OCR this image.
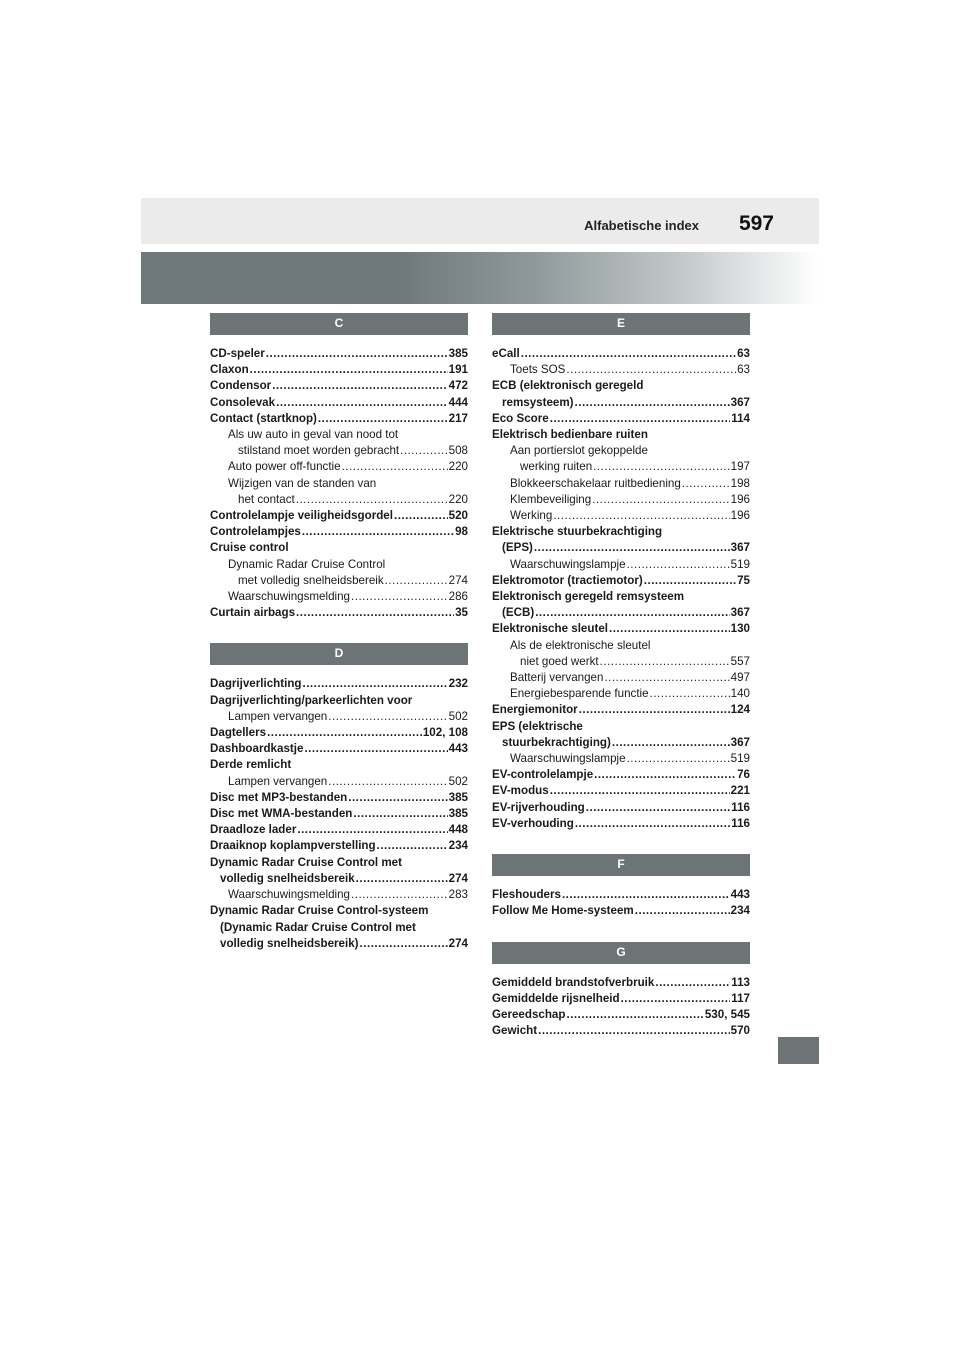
Alfabetische index 597
C
CD-speler .....	385
Claxon .....	191
Condensor .....	472
Consolevak .....	444
Contact (startknop) .....	217
Als uw auto in geval van nood tot
stilstand moet worden gebracht .....	508
Auto power off-functie .....	220
Wijzigen van de standen van
het contact .....	220
Controlelampje veiligheidsgordel .....	520
Controlelampjes .....	98
Cruise control
Dynamic Radar Cruise Control
met volledig snelheidsbereik .....	274
Waarschuwingsmelding .....	286
Curtain airbags .....	35
D
Dagrijverlichting .....	232
Dagrijverlichting/parkeerlichten voor
Lampen vervangen .....	502
Dagtellers .....	102, 108
Dashboardkastje .....	443
Derde remlicht
Lampen vervangen .....	502
Disc met MP3-bestanden .....	385
Disc met WMA-bestanden .....	385
Draadloze lader .....	448
Draaiknop koplampverstelling .....	234
Dynamic Radar Cruise Control met
volledig snelheidsbereik .....	274
Waarschuwingsmelding .....	283
Dynamic Radar Cruise Control-systeem
(Dynamic Radar Cruise Control met
volledig snelheidsbereik) .....	274
E
eCall .....	63
Toets SOS .....	63
ECB (elektronisch geregeld
remsysteem) .....	367
Eco Score .....	114
Elektrisch bedienbare ruiten
Aan portierslot gekoppelde
werking ruiten .....	197
Blokkeerschakelaar ruitbediening .....	198
Klembeveiliging .....	196
Werking .....	196
Elektrische stuurbekrachtiging
(EPS) .....	367
Waarschuwingslampje .....	519
Elektromotor (tractiemotor) .....	75
Elektronisch geregeld remsysteem
(ECB) .....	367
Elektronische sleutel .....	130
Als de elektronische sleutel
niet goed werkt .....	557
Batterij vervangen .....	497
Energiebesparende functie .....	140
Energiemonitor .....	124
EPS (elektrische
stuurbekrachtiging) .....	367
Waarschuwingslampje .....	519
EV-controlelampje .....	76
EV-modus .....	221
EV-rijverhouding .....	116
EV-verhouding .....	116
F
Fleshouders .....	443
Follow Me Home-systeem .....	234
G
Gemiddeld brandstofverbruik .....	113
Gemiddelde rijsnelheid .....	117
Gereedschap .....	530, 545
Gewicht .....	570
